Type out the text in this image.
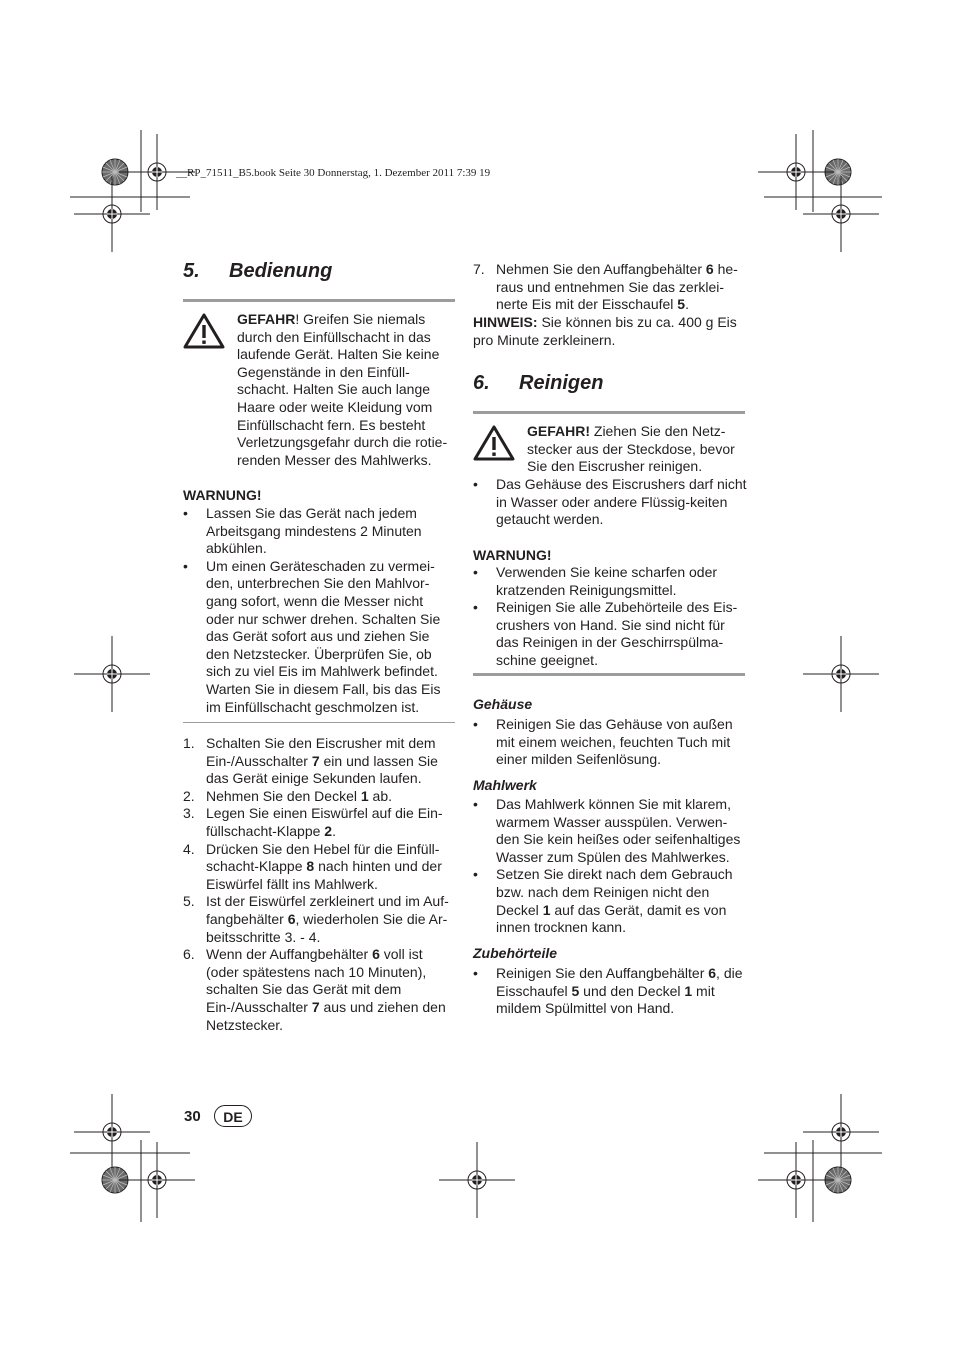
__RP_71511_B5.book Seite 30 Donnerstag, 1. Dezember 2011 7:39 19
5. Bedienung
GEFAHR! Greifen Sie niemals durch den Einfüllschacht in das laufende Gerät. Halten Sie keine Gegenstände in den Einfüll-schacht. Halten Sie auch lange Haare oder weite Kleidung vom Einfüllschacht fern. Es besteht Verletzungsgefahr durch die rotie-renden Messer des Mahlwerks.
WARNUNG!
• Lassen Sie das Gerät nach jedem Arbeitsgang mindestens 2 Minuten abkühlen.
• Um einen Geräteschaden zu vermei-den, unterbrechen Sie den Mahlvor-gang sofort, wenn die Messer nicht oder nur schwer drehen. Schalten Sie das Gerät sofort aus und ziehen Sie den Netzstecker. Überprüfen Sie, ob sich zu viel Eis im Mahlwerk befindet. Warten Sie in diesem Fall, bis das Eis im Einfüllschacht geschmolzen ist.
1. Schalten Sie den Eiscrusher mit dem Ein-/Ausschalter 7 ein und lassen Sie das Gerät einige Sekunden laufen.
2. Nehmen Sie den Deckel 1 ab.
3. Legen Sie einen Eiswürfel auf die Ein-füllschacht-Klappe 2.
4. Drücken Sie den Hebel für die Einfüll-schacht-Klappe 8 nach hinten und der Eiswürfel fällt ins Mahlwerk.
5. Ist der Eiswürfel zerkleinert und im Auf-fangbehälter 6, wiederholen Sie die Ar-beitsschritte 3. - 4.
6. Wenn der Auffangbehälter 6 voll ist (oder spätestens nach 10 Minuten), schalten Sie das Gerät mit dem Ein-/Ausschalter 7 aus und ziehen den Netzstecker.
7. Nehmen Sie den Auffangbehälter 6 he-raus und entnehmen Sie das zerklei-nerte Eis mit der Eisschaufel 5.
HINWEIS: Sie können bis zu ca. 400 g Eis pro Minute zerkleinern.
6. Reinigen
GEFAHR! Ziehen Sie den Netz-stecker aus der Steckdose, bevor Sie den Eiscrusher reinigen.
• Das Gehäuse des Eiscrushers darf nicht in Wasser oder andere Flüssig-keiten getaucht werden.
WARNUNG!
• Verwenden Sie keine scharfen oder kratzenden Reinigungsmittel.
• Reinigen Sie alle Zubehörteile des Eis-crushers von Hand. Sie sind nicht für das Reinigen in der Geschirrspülma-schine geeignet.
Gehäuse
• Reinigen Sie das Gehäuse von außen mit einem weichen, feuchten Tuch mit einer milden Seifenlösung.
Mahlwerk
• Das Mahlwerk können Sie mit klarem, warmem Wasser ausspülen. Verwen-den Sie kein heißes oder seifenhaltiges Wasser zum Spülen des Mahlwerkes.
• Setzen Sie direkt nach dem Gebrauch bzw. nach dem Reinigen nicht den Deckel 1 auf das Gerät, damit es von innen trocknen kann.
Zubehörteile
• Reinigen Sie den Auffangbehälter 6, die Eisschaufel 5 und den Deckel 1 mit mildem Spülmittel von Hand.
30	DE
